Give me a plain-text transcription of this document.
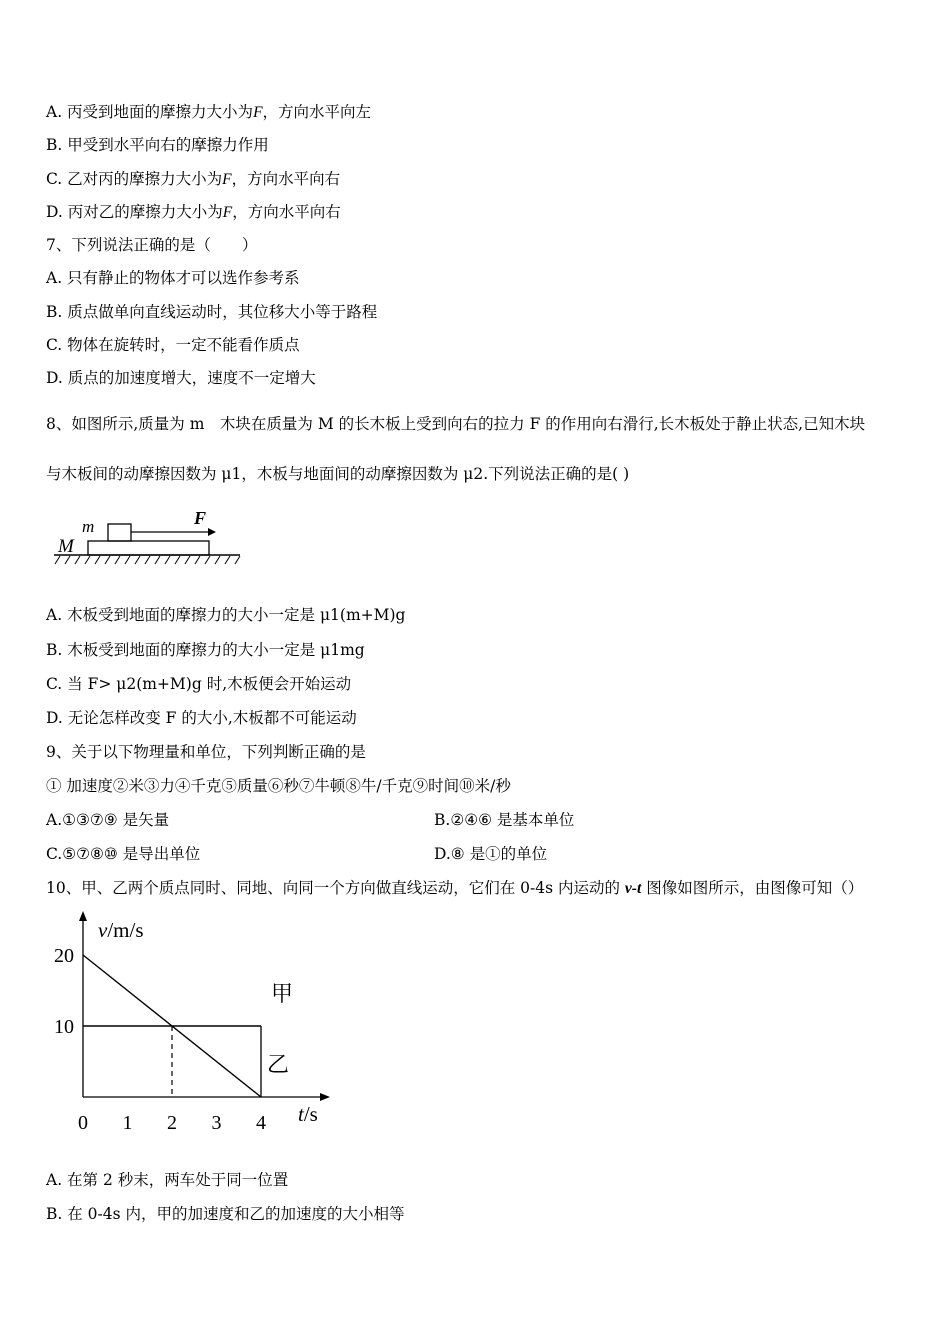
A. 丙受到地面的摩擦力大小为F，方向水平向左
B. 甲受到水平向右的摩擦力作用
C. 乙对丙的摩擦力大小为F，方向水平向右
D. 丙对乙的摩擦力大小为F，方向水平向右
7、下列说法正确的是（　　）
A. 只有静止的物体才可以选作参考系
B. 质点做单向直线运动时，其位移大小等于路程
C. 物体在旋转时，一定不能看作质点
D. 质点的加速度增大，速度不一定增大
8、如图所示,质量为 m　木块在质量为 M 的长木板上受到向右的拉力 F 的作用向右滑行,长木板处于静止状态,已知木块
与木板间的动摩擦因数为 μ1，木板与地面间的动摩擦因数为 μ2.下列说法正确的是( )
m
M
F
A. 木板受到地面的摩擦力的大小一定是 μ1(m+M)g
B. 木板受到地面的摩擦力的大小一定是 μ1mg
C. 当 F> μ2(m+M)g 时,木板便会开始运动
D. 无论怎样改变 F 的大小,木板都不可能运动
9、关于以下物理量和单位，下列判断正确的是
① 加速度②米③力④千克⑤质量⑥秒⑦牛顿⑧牛/千克⑨时间⑩米/秒
A.①③⑦⑨ 是矢量	B.②④⑥ 是基本单位
C.⑤⑦⑧⑩ 是导出单位	D.⑧ 是①的单位
10、甲、乙两个质点同时、同地、向同一个方向做直线运动，它们在 0-4s 内运动的 v-t 图像如图所示，由图像可知（）
v/m/s
t/s
0 1 2 3 4
20
10
甲
乙
A. 在第 2 秒末，两车处于同一位置
B. 在 0-4s 内，甲的加速度和乙的加速度的大小相等
